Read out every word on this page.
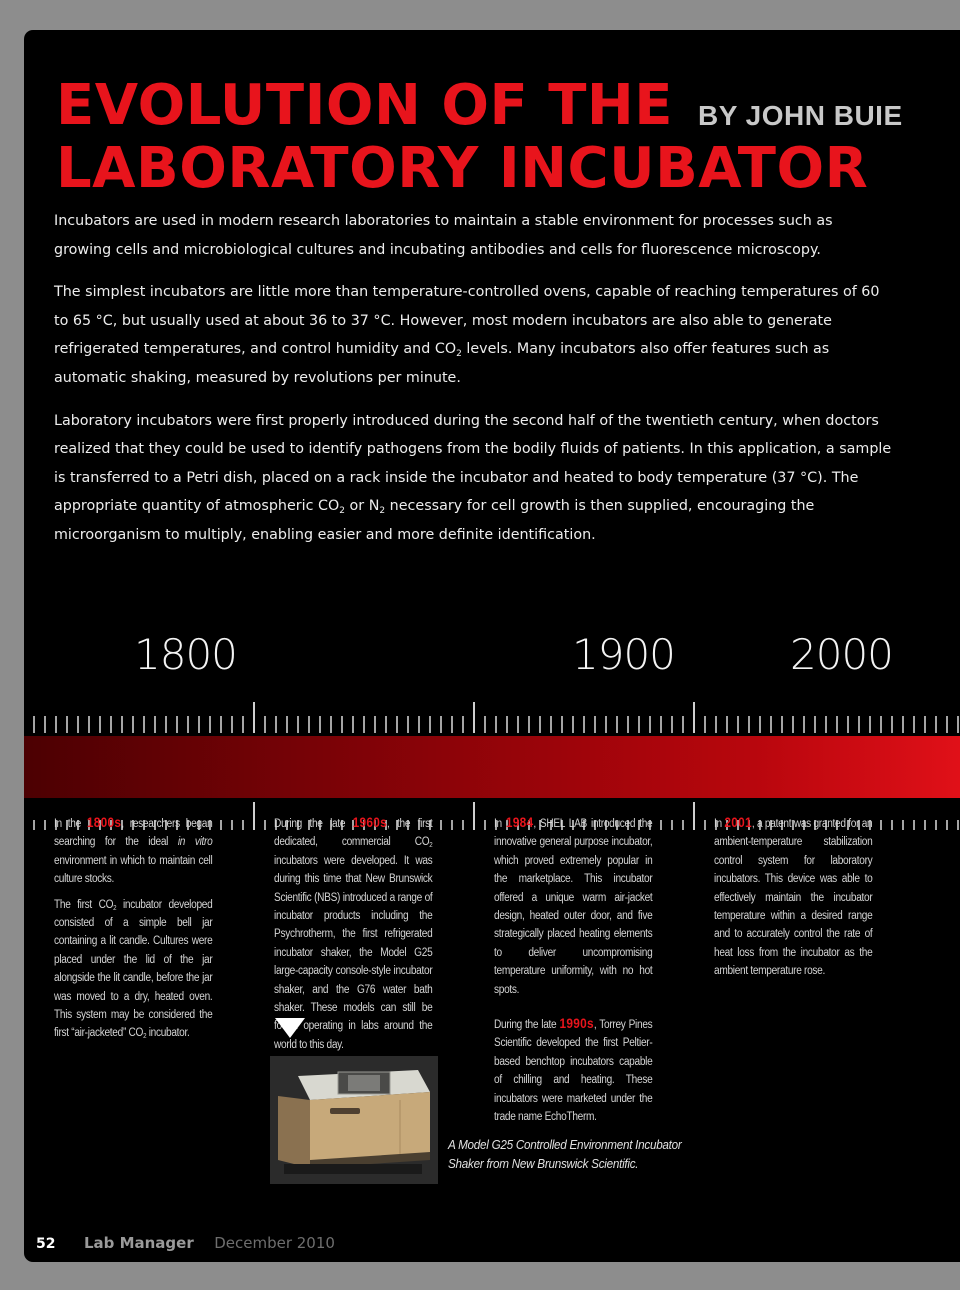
EVOLUTION OF THE
LABORATORY INCUBATOR
BY JOHN BUIE

Incubators are used in modern research laboratories to maintain a stable environment for processes such as growing cells and microbiological cultures and incubating antibodies and cells for fluorescence microscopy.

The simplest incubators are little more than temperature-controlled ovens, capable of reaching temperatures of 60 to 65 °C, but usually used at about 36 to 37 °C. However, most modern incubators are also able to generate refrigerated temperatures, and control humidity and $CO_2$ levels. Many incubators also offer features such as automatic shaking, measured by revolutions per minute.

Laboratory incubators were first properly introduced during the second half of the twentieth century, when doctors realized that they could be used to identify pathogens from the bodily fluids of patients. In this application, a sample is transferred to a Petri dish, placed on a rack inside the incubator and heated to body temperature (37 °C). The appropriate quantity of atmospheric $CO_2$ or $N_2$ necessary for cell growth is then supplied, encouraging the microorganism to multiply, enabling easier and more definite identification.

1800	1900	2000

In the 1800s, researchers began searching for the ideal in vitro environment in which to maintain cell culture stocks.

The first $CO_2$ incubator developed consisted of a simple bell jar containing a lit candle. Cultures were placed under the lid of the jar alongside the lit candle, before the jar was moved to a dry, heated oven. This system may be considered the first “air-jacketed” $CO_2$ incubator.

During the late 1960s, the first dedicated, commercial $CO_2$ incubators were developed. It was during this time that New Brunswick Scientific (NBS) introduced a range of incubator products including the Psychrotherm, the first refrigerated incubator shaker, the Model G25 large-capacity console-style incubator shaker, and the G76 water bath shaker. These models can still be found operating in labs around the world to this day.

In 1984, SHEL LAB introduced the innovative general purpose incubator, which proved extremely popular in the marketplace. This incubator offered a unique warm air-jacket design, heated outer door, and five strategically placed heating elements to deliver uncompromising temperature uniformity, with no hot spots.

During the late 1990s, Torrey Pines Scientific developed the first Peltier-based benchtop incubators capable of chilling and heating. These incubators were marketed under the trade name EchoTherm.

In 2001, a patent was granted for an ambient-temperature stabilization control system for laboratory incubators. This device was able to effectively maintain the incubator temperature within a desired range and to accurately control the rate of heat loss from the incubator as the ambient temperature rose.

A Model G25 Controlled Environment Incubator
Shaker from New Brunswick Scientific.
52 Lab Manager December 2010
